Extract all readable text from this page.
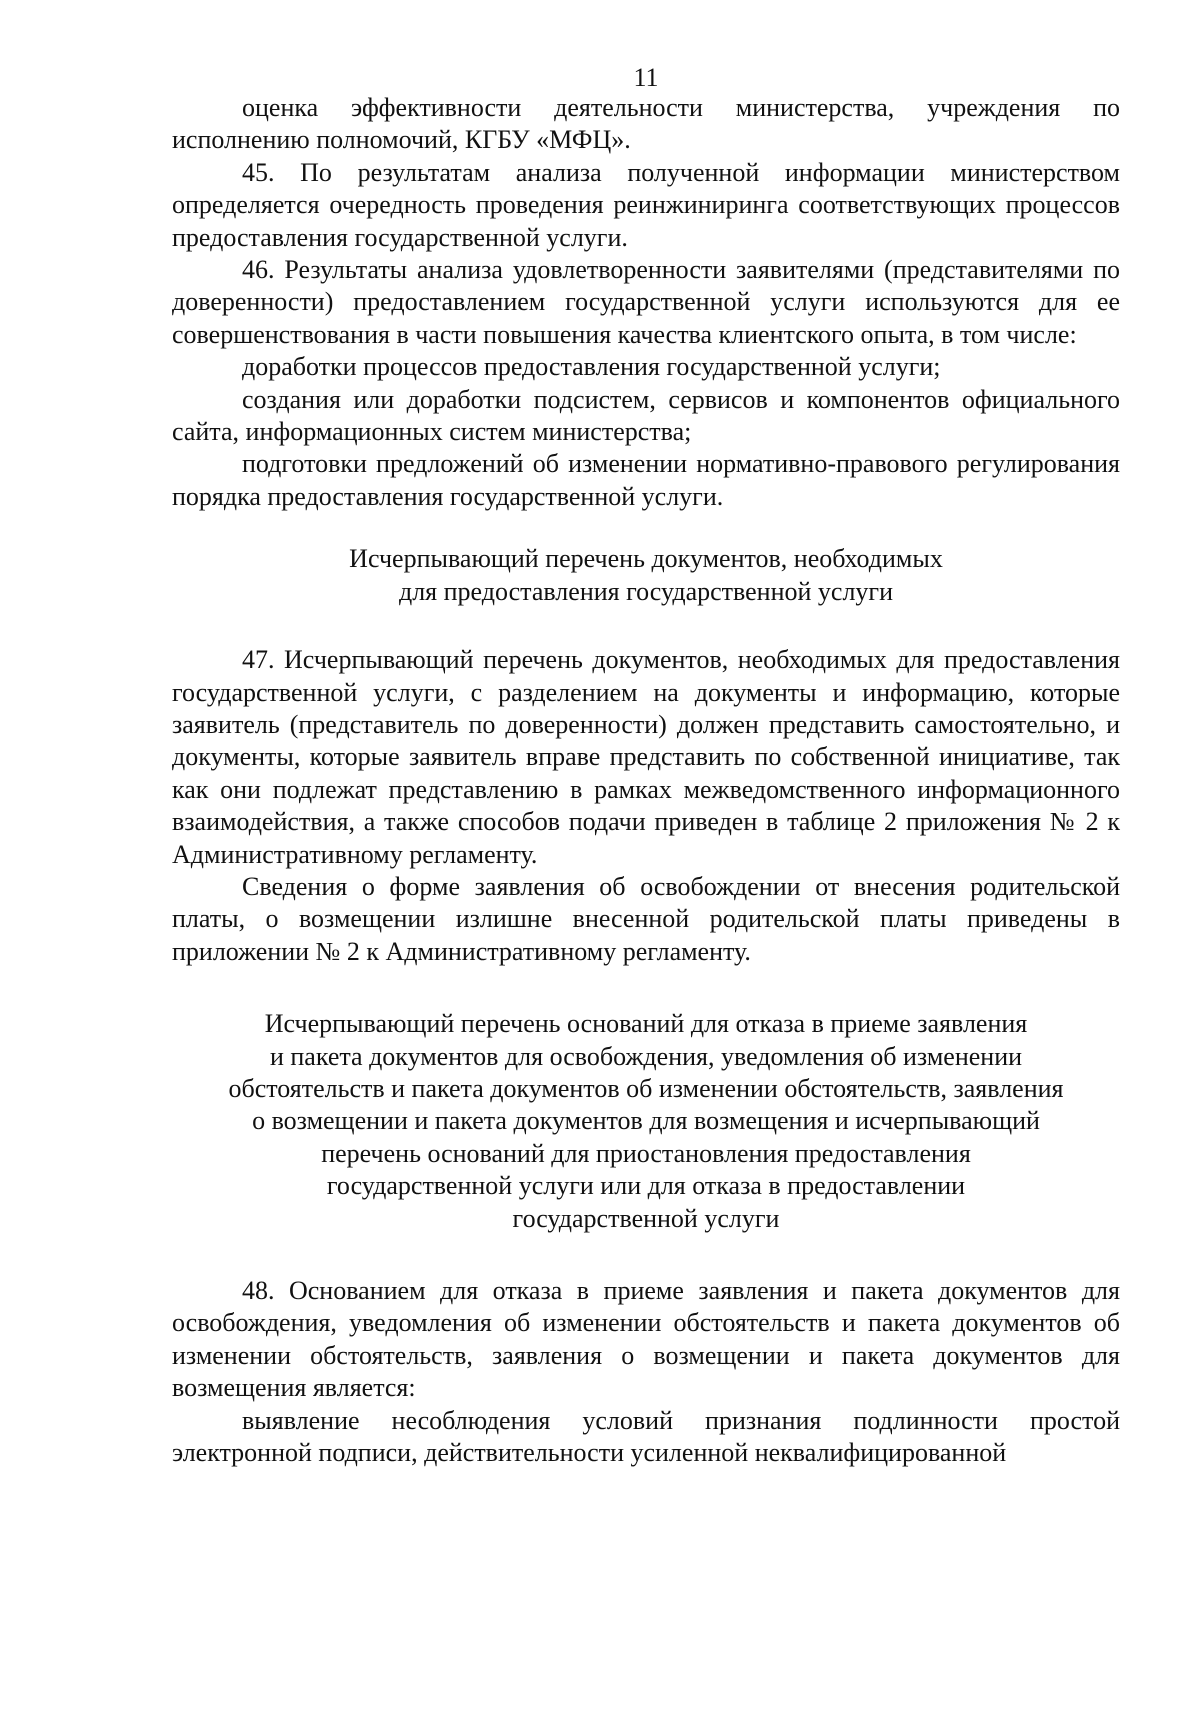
11

оценка эффективности деятельности министерства, учреждения по исполнению полномочий, КГБУ «МФЦ».

45. По результатам анализа полученной информации министерством определяется очередность проведения реинжиниринга соответствующих процессов предоставления государственной услуги.

46. Результаты анализа удовлетворенности заявителями (представителями по доверенности) предоставлением государственной услуги используются для ее совершенствования в части повышения качества клиентского опыта, в том числе:

доработки процессов предоставления государственной услуги;

создания или доработки подсистем, сервисов и компонентов официального сайта, информационных систем министерства;

подготовки предложений об изменении нормативно-правового регулирования порядка предоставления государственной услуги.

Исчерпывающий перечень документов, необходимых
для предоставления государственной услуги

47. Исчерпывающий перечень документов, необходимых для предоставления государственной услуги, с разделением на документы и информацию, которые заявитель (представитель по доверенности) должен представить самостоятельно, и документы, которые заявитель вправе представить по собственной инициативе, так как они подлежат представлению в рамках межведомственного информационного взаимодействия, а также способов подачи приведен в таблице 2 приложения № 2 к Административному регламенту.

Сведения о форме заявления об освобождении от внесения родительской платы, о возмещении излишне внесенной родительской платы приведены в приложении № 2 к Административному регламенту.

Исчерпывающий перечень оснований для отказа в приеме заявления
и пакета документов для освобождения, уведомления об изменении
обстоятельств и пакета документов об изменении обстоятельств, заявления
о возмещении и пакета документов для возмещения и исчерпывающий
перечень оснований для приостановления предоставления
государственной услуги или для отказа в предоставлении
государственной услуги

48. Основанием для отказа в приеме заявления и пакета документов для освобождения, уведомления об изменении обстоятельств и пакета документов об изменении обстоятельств, заявления о возмещении и пакета документов для возмещения является:

выявление несоблюдения условий признания подлинности простой электронной подписи, действительности усиленной неквалифицированной
